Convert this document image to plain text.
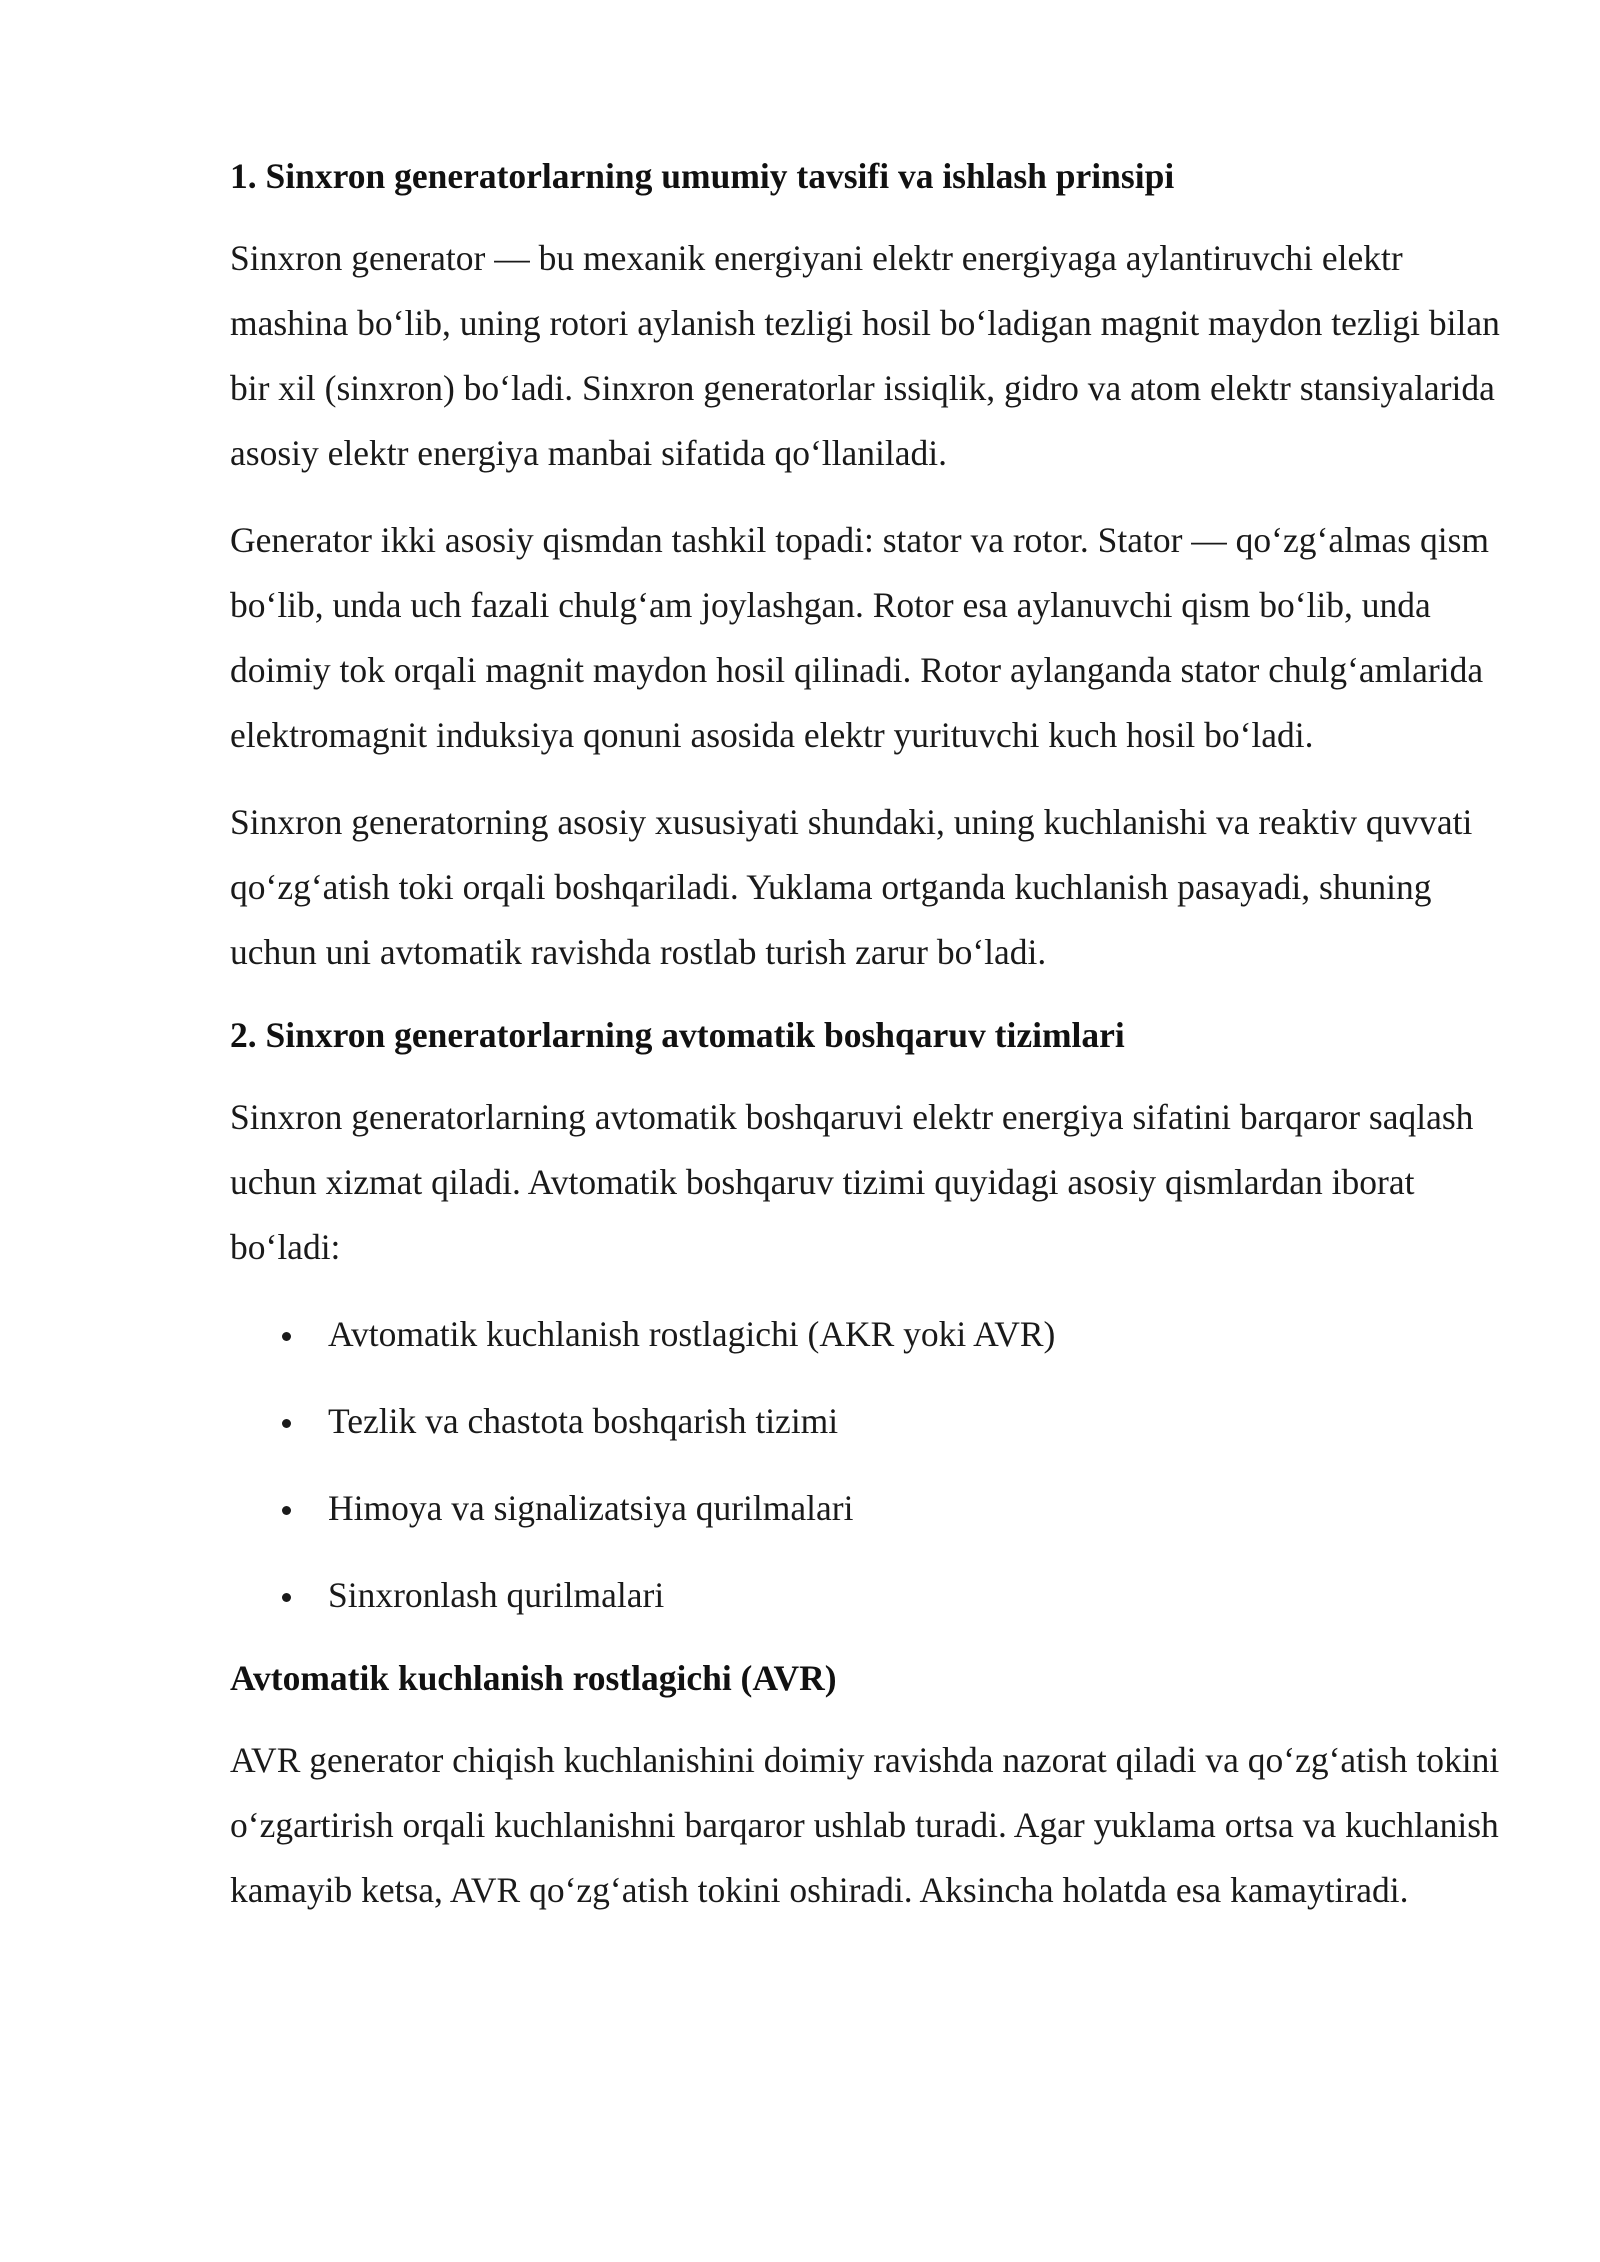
1. Sinxron generatorlarning umumiy tavsifi va ishlash prinsipi

Sinxron generator — bu mexanik energiyani elektr energiyaga aylantiruvchi elektr mashina bo‘lib, uning rotori aylanish tezligi hosil bo‘ladigan magnit maydon tezligi bilan bir xil (sinxron) bo‘ladi. Sinxron generatorlar issiqlik, gidro va atom elektr stansiyalarida asosiy elektr energiya manbai sifatida qo‘llaniladi.

Generator ikki asosiy qismdan tashkil topadi: stator va rotor. Stator — qo‘zg‘almas qism bo‘lib, unda uch fazali chulg‘am joylashgan. Rotor esa aylanuvchi qism bo‘lib, unda doimiy tok orqali magnit maydon hosil qilinadi. Rotor aylanganda stator chulg‘amlarida elektromagnit induksiya qonuni asosida elektr yurituvchi kuch hosil bo‘ladi.

Sinxron generatorning asosiy xususiyati shundaki, uning kuchlanishi va reaktiv quvvati qo‘zg‘atish toki orqali boshqariladi. Yuklama ortganda kuchlanish pasayadi, shuning uchun uni avtomatik ravishda rostlab turish zarur bo‘ladi.

2. Sinxron generatorlarning avtomatik boshqaruv tizimlari

Sinxron generatorlarning avtomatik boshqaruvi elektr energiya sifatini barqaror saqlash uchun xizmat qiladi. Avtomatik boshqaruv tizimi quyidagi asosiy qismlardan iborat bo‘ladi:

Avtomatik kuchlanish rostlagichi (AKR yoki AVR)
Tezlik va chastota boshqarish tizimi
Himoya va signalizatsiya qurilmalari
Sinxronlash qurilmalari
Avtomatik kuchlanish rostlagichi (AVR)

AVR generator chiqish kuchlanishini doimiy ravishda nazorat qiladi va qo‘zg‘atish tokini o‘zgartirish orqali kuchlanishni barqaror ushlab turadi. Agar yuklama ortsa va kuchlanish kamayib ketsa, AVR qo‘zg‘atish tokini oshiradi. Aksincha holatda esa kamaytiradi.
